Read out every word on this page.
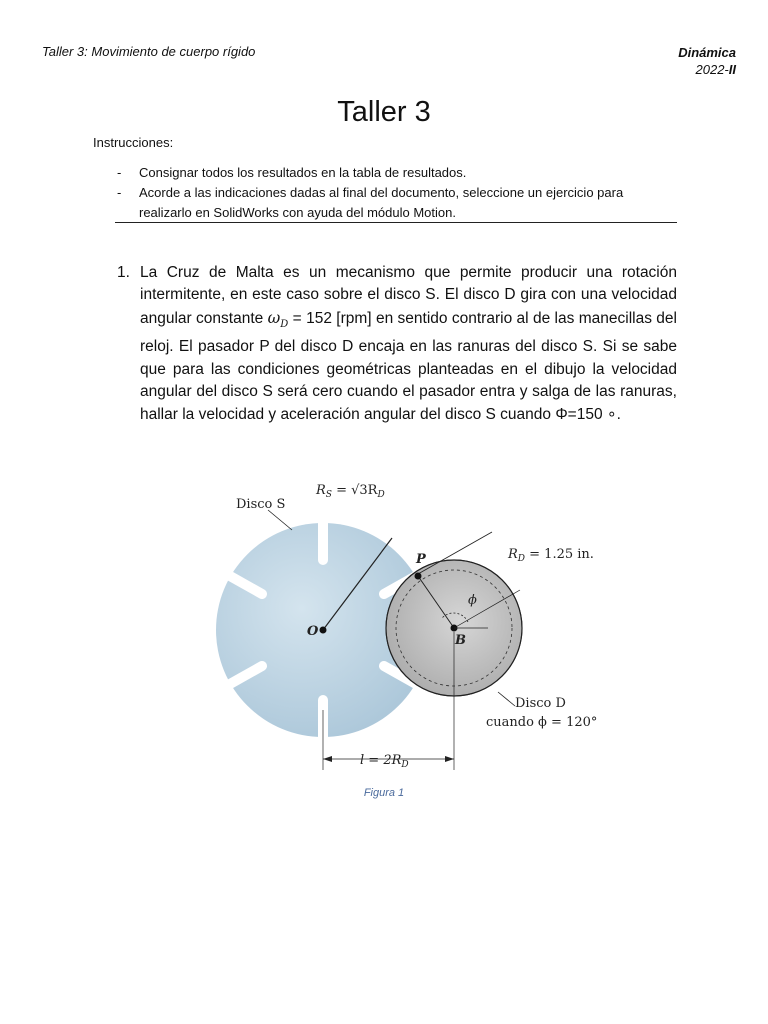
Taller 3: Movimiento de cuerpo rígido	Dinámica
2022-II
Taller 3
Instrucciones:
- Consignar todos los resultados en la tabla de resultados.
- Acorde a las indicaciones dadas al final del documento, seleccione un ejercicio para realizarlo en SolidWorks con ayuda del módulo Motion.
1. La Cruz de Malta es un mecanismo que permite producir una rotación intermitente, en este caso sobre el disco S. El disco D gira con una velocidad angular constante $\omega_D = 152$ [rpm] en sentido contrario al de las manecillas del reloj. El pasador P del disco D encaja en las ranuras del disco S. Si se sabe que para las condiciones geométricas planteadas en el dibujo la velocidad angular del disco S será cero cuando el pasador entra y salga de las ranuras, hallar la velocidad y aceleración angular del disco S cuando Φ=150 ∘.
Disco S
$R_S = √3R_D$
$R_D = 1.25$ in.
P
O
B
ϕ
Disco D
cuando ϕ = 120°
$l = 2R_D$
Figura 1
